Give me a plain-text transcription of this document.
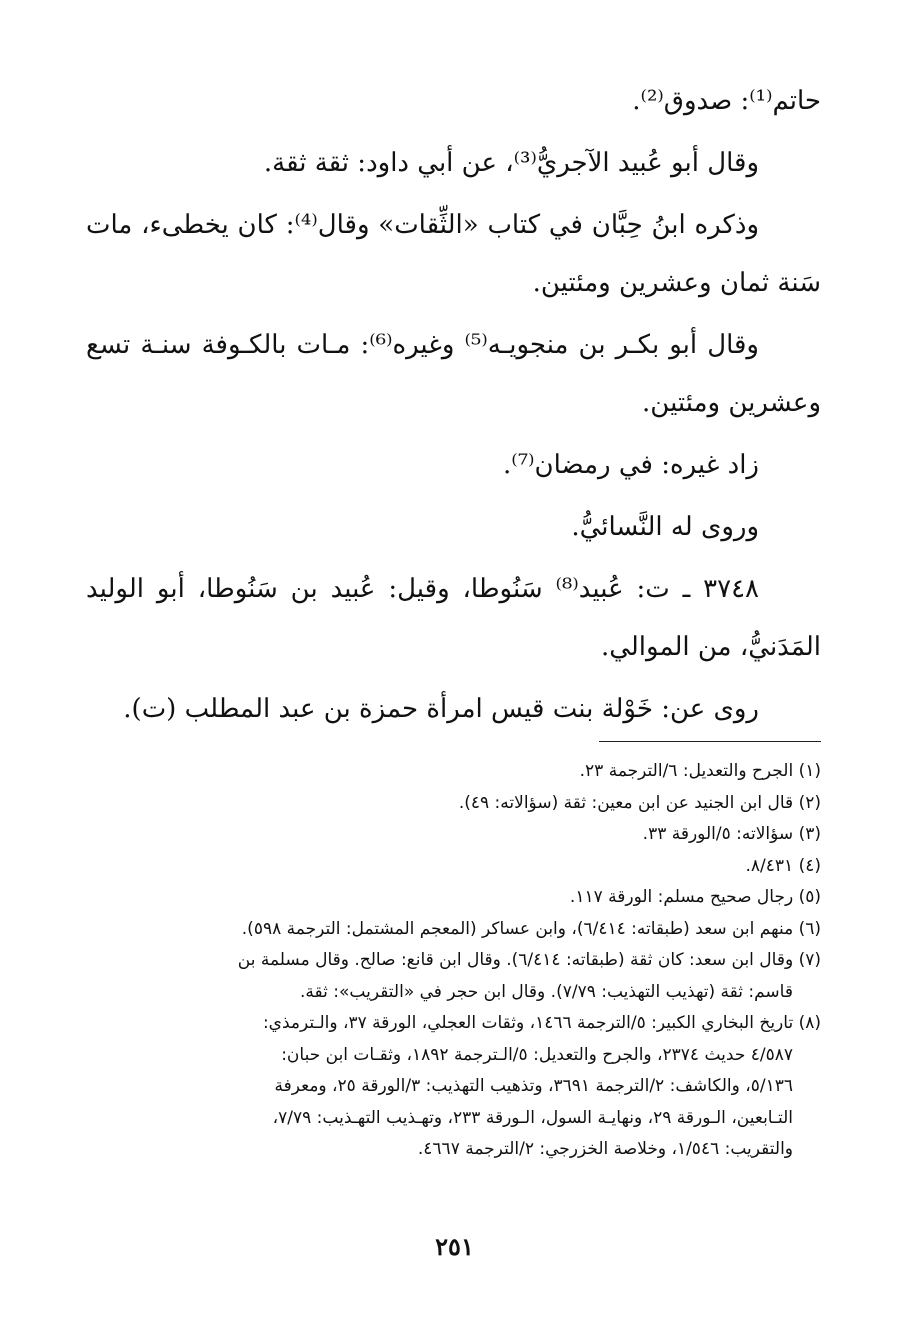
حاتم⁽¹⁾: صدوق⁽²⁾.

وقال أبو عُبيد الآجريُّ⁽³⁾، عن أبي داود: ثقة ثقة.

وذكره ابنُ حِبَّان في كتاب «الثِّقات» وقال⁽⁴⁾: كان يخطىء، مات سَنة ثمان وعشرين ومئتين.

وقال أبو بكـر بن منجويـه⁽⁵⁾ وغيره⁽⁶⁾: مـات بالكـوفة سنـة تسع وعشرين ومئتين.

زاد غيره: في رمضان⁽⁷⁾.

وروى له النَّسائيُّ.

٣٧٤٨ ـ ت: عُبيد⁽⁸⁾ سَنُوطا، وقيل: عُبيد بن سَنُوطا، أبو الوليد المَدَنيُّ، من الموالي.

روى عن: خَوْلة بنت قيس امرأة حمزة بن عبد المطلب (ت).

(١) الجرح والتعديل: ٦/الترجمة ٢٣.
(٢) قال ابن الجنيد عن ابن معين: ثقة (سؤالاته: ٤٩).
(٣) سؤالاته: ٥/الورقة ٣٣.
(٤) ٨/٤٣١.
(٥) رجال صحيح مسلم: الورقة ١١٧.
(٦) منهم ابن سعد (طبقاته: ٦/٤١٤)، وابن عساكر (المعجم المشتمل: الترجمة ٥٩٨).
(٧) وقال ابن سعد: كان ثقة (طبقاته: ٦/٤١٤). وقال ابن قانع: صالح. وقال مسلمة بن
قاسم: ثقة (تهذيب التهذيب: ٧/٧٩). وقال ابن حجر في «التقريب»: ثقة.
(٨) تاريخ البخاري الكبير: ٥/الترجمة ١٤٦٦، وثقات العجلي، الورقة ٣٧، والـترمذي:
٤/٥٨٧ حديث ٢٣٧٤، والجرح والتعديل: ٥/الـترجمة ١٨٩٢، وثقـات ابن حبان:
٥/١٣٦، والكاشف: ٢/الترجمة ٣٦٩١، وتذهيب التهذيب: ٣/الورقة ٢٥، ومعرفة
التـابعين، الـورقة ٢٩، ونهايـة السول، الـورقة ٢٣٣، وتهـذيب التهـذيب: ٧/٧٩،
والتقريب: ١/٥٤٦، وخلاصة الخزرجي: ٢/الترجمة ٤٦٦٧.
٢٥١
